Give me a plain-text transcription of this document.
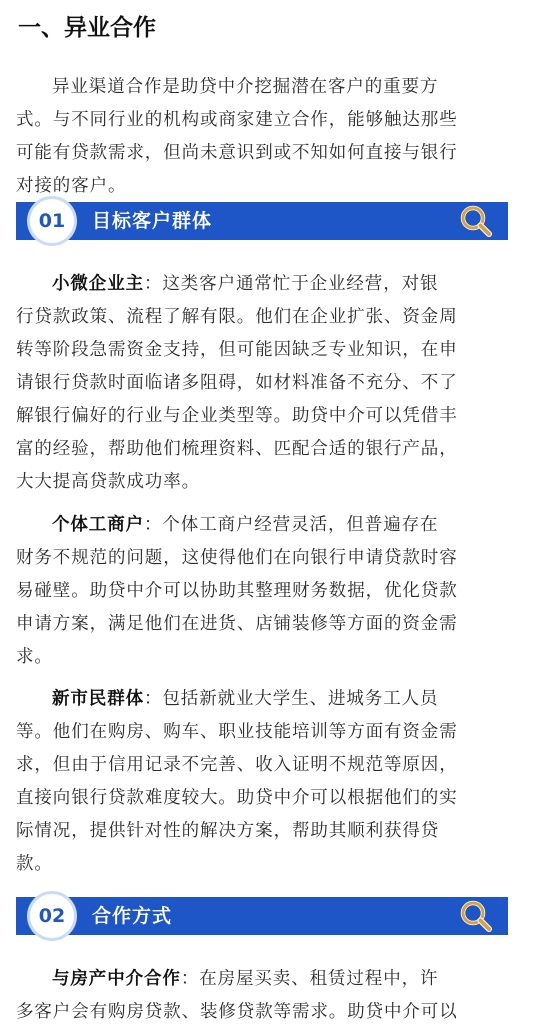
一、异业合作

异业渠道合作是助贷中介挖掘潜在客户的重要方
式。与不同行业的机构或商家建立合作，能够触达那些
可能有贷款需求，但尚未意识到或不知如何直接与银行
对接的客户。

01	目标客户群体

小微企业主：这类客户通常忙于企业经营，对银
行贷款政策、流程了解有限。他们在企业扩张、资金周
转等阶段急需资金支持，但可能因缺乏专业知识，在申
请银行贷款时面临诸多阻碍，如材料准备不充分、不了
解银行偏好的行业与企业类型等。助贷中介可以凭借丰
富的经验，帮助他们梳理资料、匹配合适的银行产品，
大大提高贷款成功率。

个体工商户：个体工商户经营灵活，但普遍存在
财务不规范的问题，这使得他们在向银行申请贷款时容
易碰壁。助贷中介可以协助其整理财务数据，优化贷款
申请方案，满足他们在进货、店铺装修等方面的资金需
求。

新市民群体：包括新就业大学生、进城务工人员
等。他们在购房、购车、职业技能培训等方面有资金需
求，但由于信用记录不完善、收入证明不规范等原因，
直接向银行贷款难度较大。助贷中介可以根据他们的实
际情况，提供针对性的解决方案，帮助其顺利获得贷
款。

02	合作方式

与房产中介合作：在房屋买卖、租赁过程中，许
多客户会有购房贷款、装修贷款等需求。助贷中介可以
